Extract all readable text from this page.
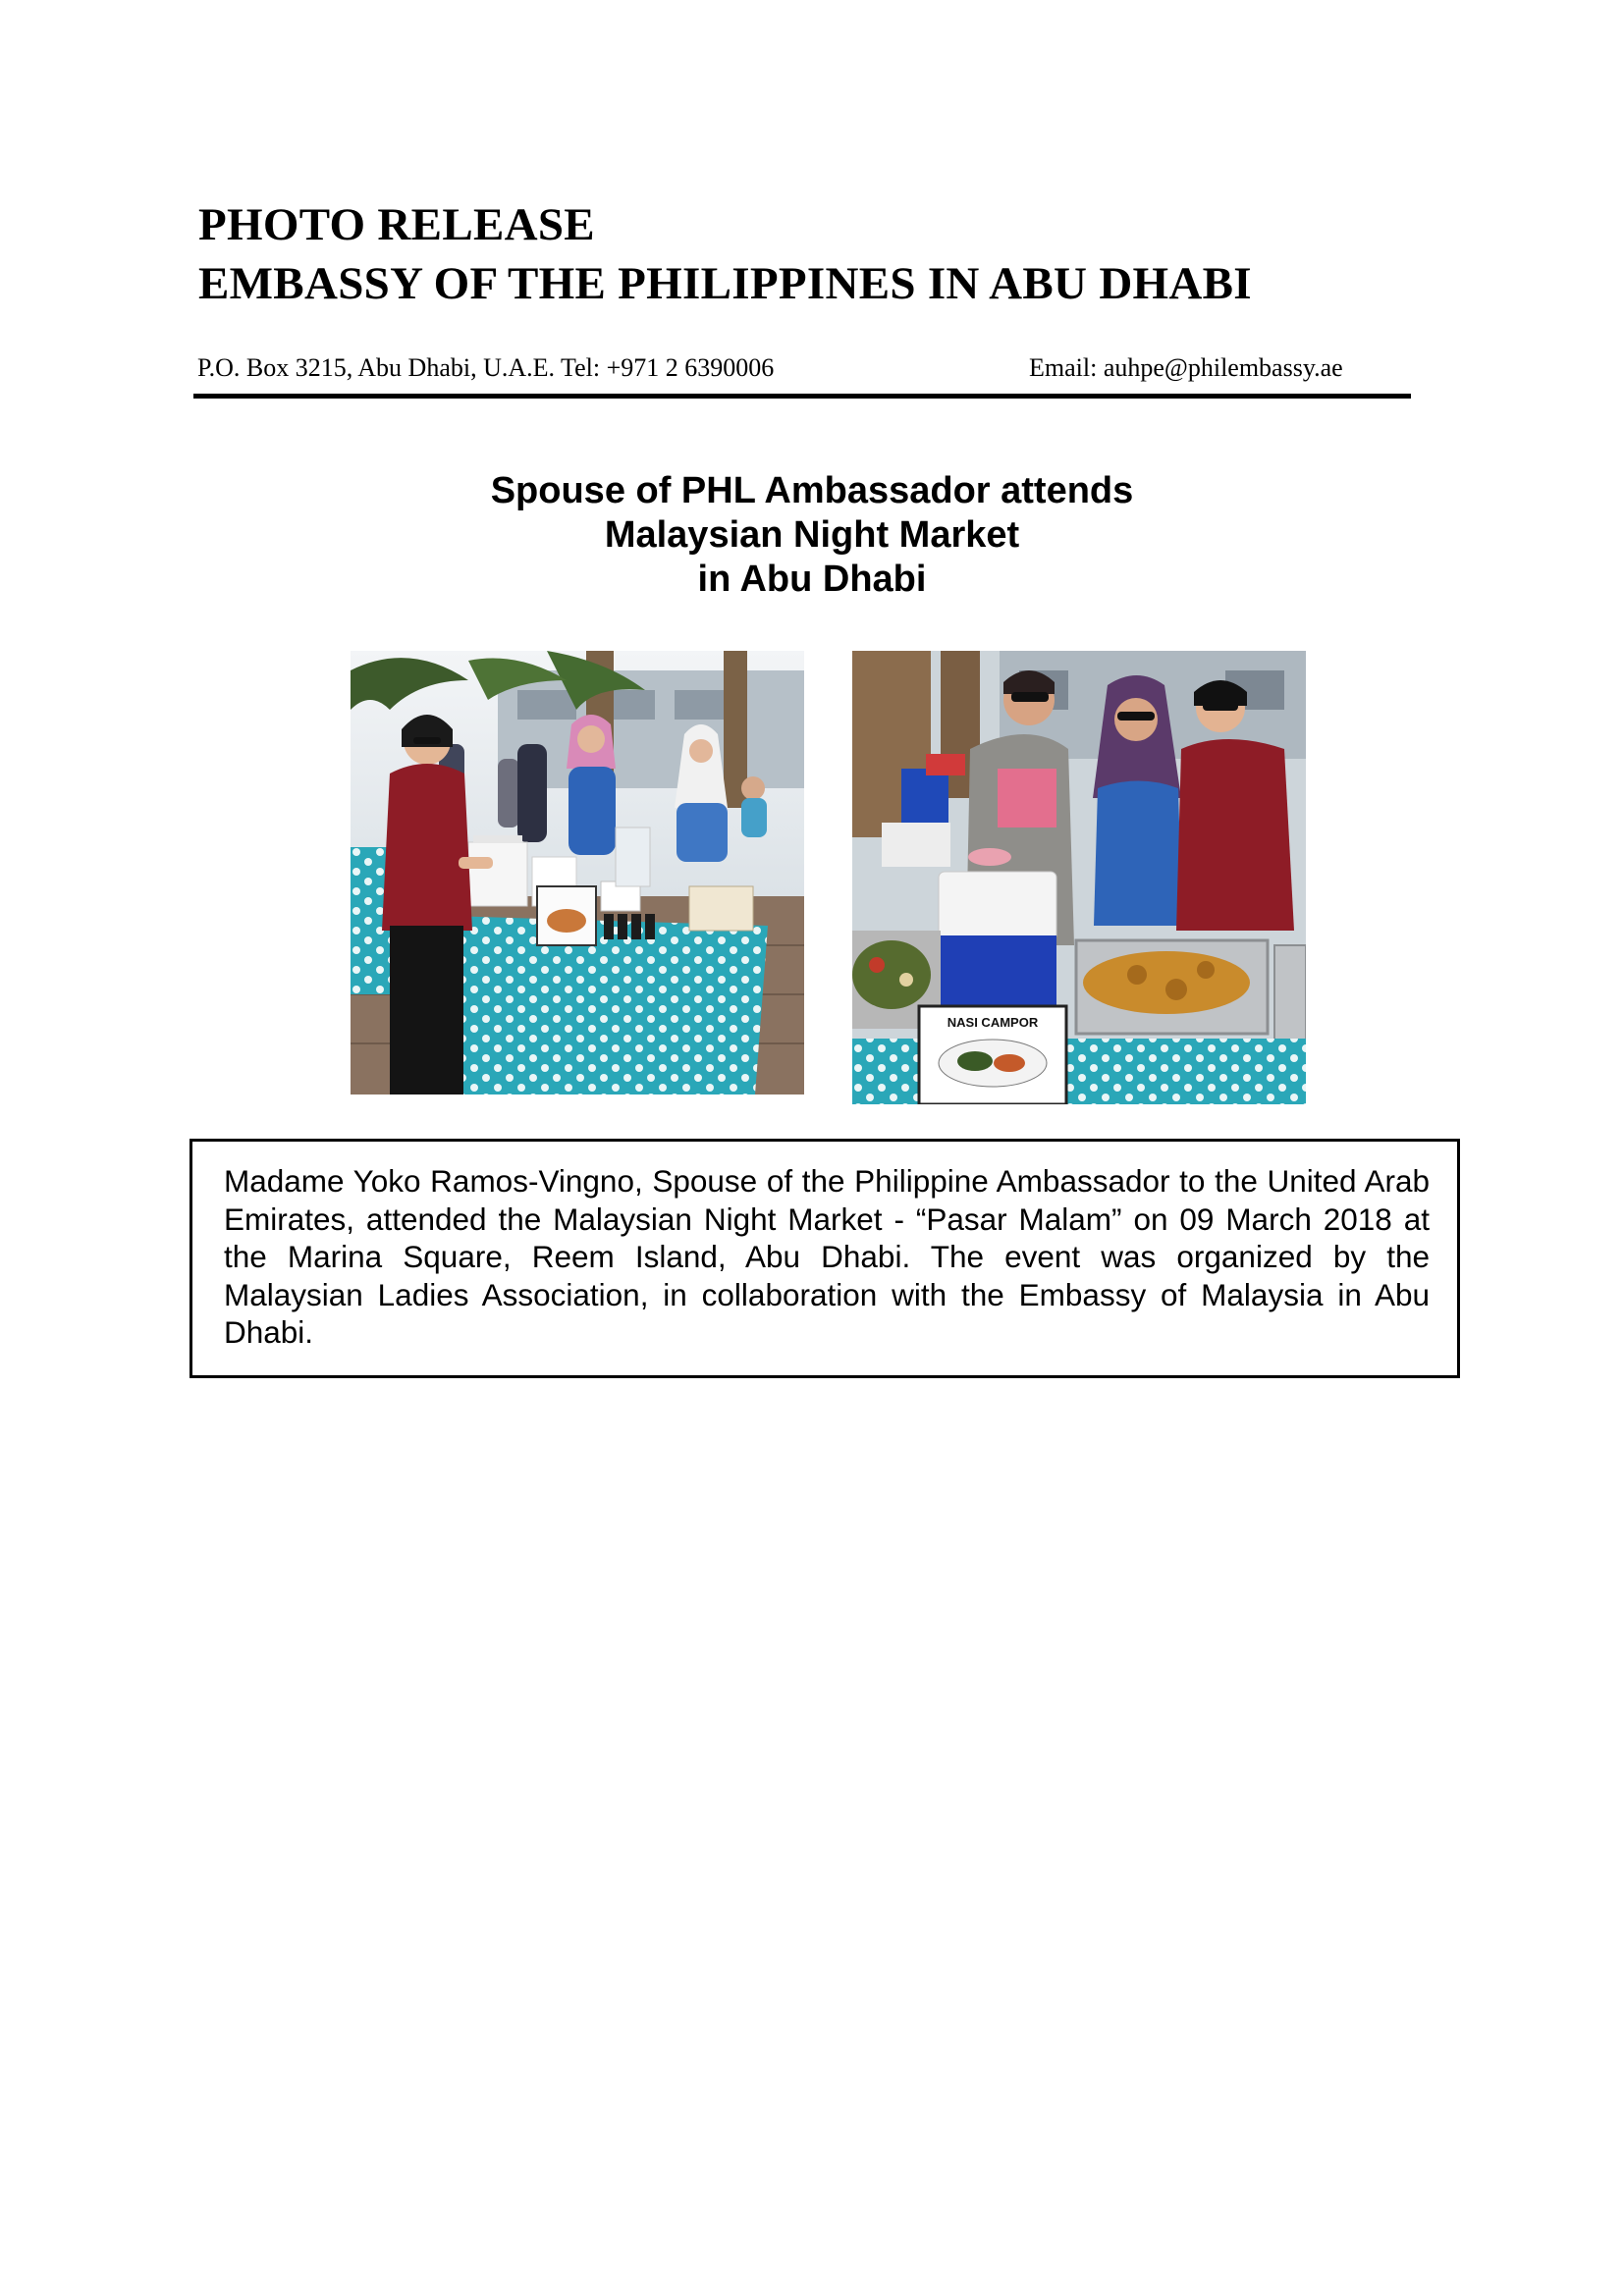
PHOTO RELEASE
EMBASSY OF THE PHILIPPINES IN ABU DHABI
P.O. Box 3215, Abu Dhabi, U.A.E. Tel: +971 2 6390006	Email: auhpe@philembassy.ae
Spouse of PHL Ambassador attends
Malaysian Night Market
in Abu Dhabi
NASI CAMPOR
Madame Yoko Ramos-Vingno, Spouse of the Philippine Ambassador to the United Arab Emirates, attended the Malaysian Night Market - “Pasar Malam” on 09 March 2018 at the Marina Square, Reem Island, Abu Dhabi. The event was organized by the Malaysian Ladies Association, in collaboration with the Embassy of Malaysia in Abu Dhabi.
